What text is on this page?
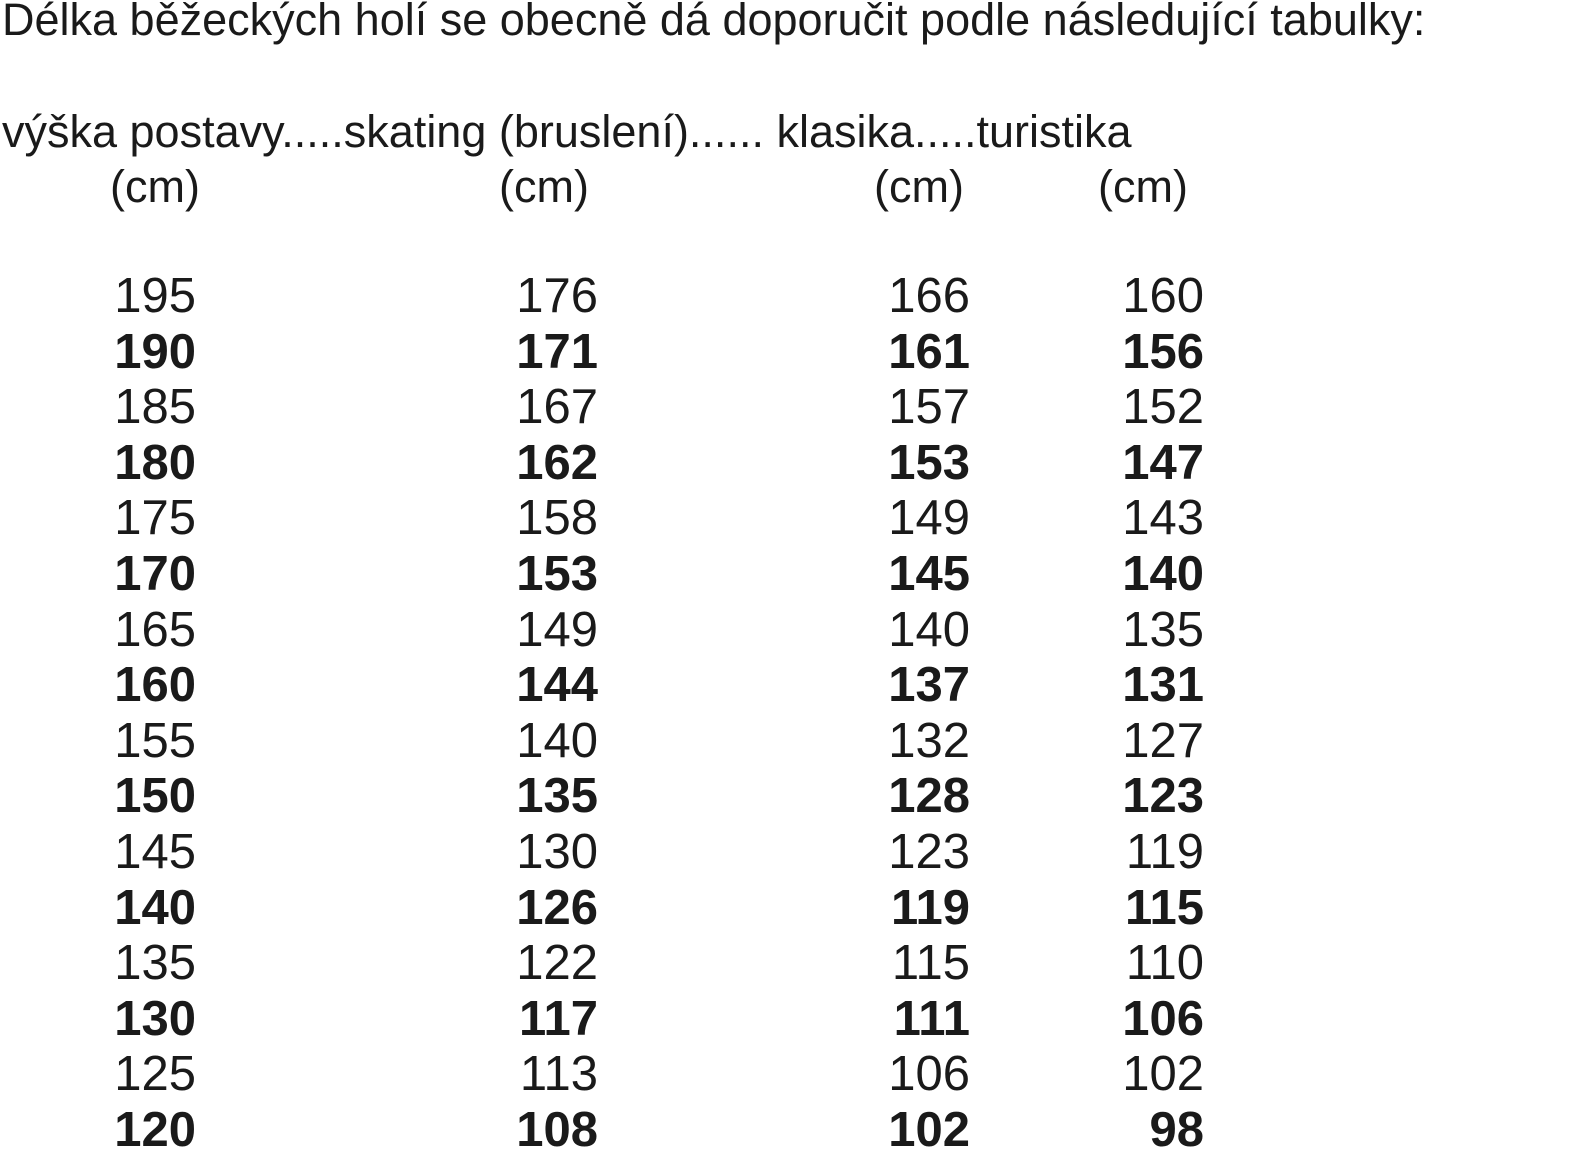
Délka běžeckých holí se obecně dá doporučit podle následující tabulky:

výška postavy.....skating (bruslení)...... klasika.....turistika

(cm)	(cm)	(cm)	(cm)
195	176	166	160
190	171	161	156
185	167	157	152
180	162	153	147
175	158	149	143
170	153	145	140
165	149	140	135
160	144	137	131
155	140	132	127
150	135	128	123
145	130	123	119
140	126	119	115
135	122	115	110
130	117	111	106
125	113	106	102
120	108	102	98
